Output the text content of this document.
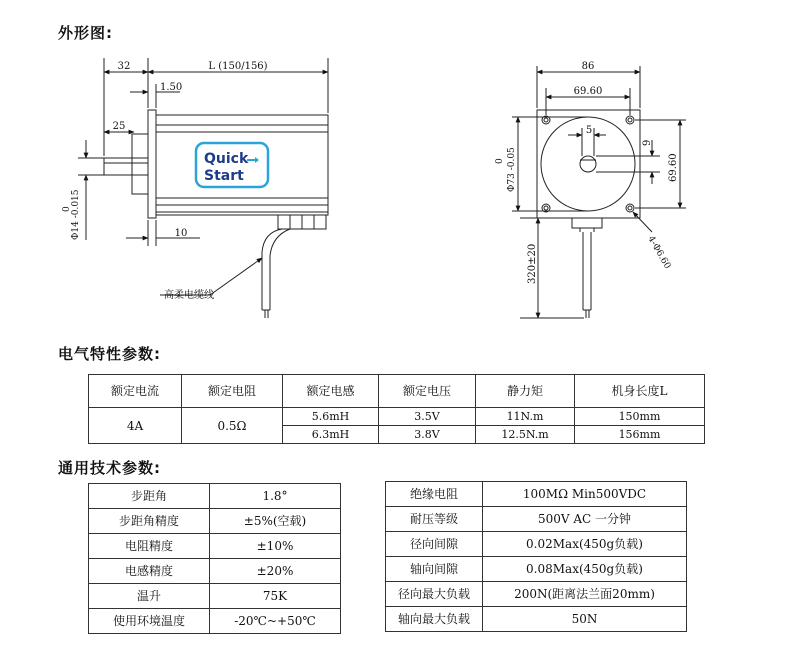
外形图:
电气特性参数:
通用技术参数:
Quick
Start
32	L (150/156)
1.50
25
10
0 Φ14 -0.015
高柔电缆线
86
69.60
5
9
69.60
0 Φ73 -0.05
320±20	4-Φ6.60
额定电流	额定电阻	额定电感	额定电压	静力矩	机身长度L
4A	0.5Ω	5.6mH	3.5V	11N.m	150mm
		6.3mH	3.8V	12.5N.m	156mm
步距角	1.8°
步距角精度	±5%(空载)
电阻精度	±10%
电感精度	±20%
温升	75K
使用环境温度	-20℃~+50℃
绝缘电阻	100MΩ Min500VDC
耐压等级	500V AC 一分钟
径向间隙	0.02Max(450g负载)
轴向间隙	0.08Max(450g负载)
径向最大负载	200N(距离法兰面20mm)
轴向最大负载	50N
